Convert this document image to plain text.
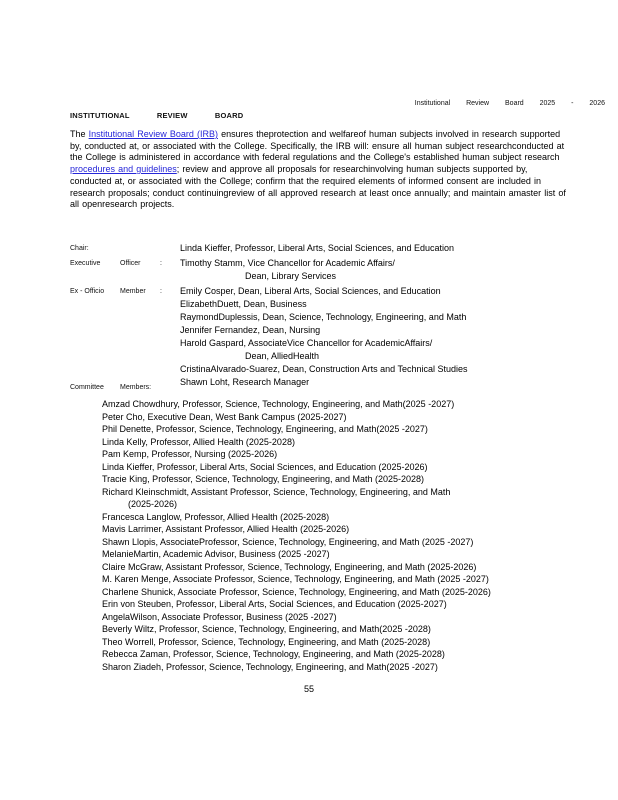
Institutional Review Board 2025 - 2026
INSTITUTIONAL REVIEW BOARD
The Institutional Review Board (IRB) ensures theprotection and welfareof human subjects involved in research supported by, conducted at, or associated with the College. Specifically, the IRB will: ensure all human subject researchconducted at the College is administered in accordance with federal regulations and the College's established human subject research procedures and guidelines; review and approve all proposals for researchinvolving human subjects supported by, conducted at, or associated with the College; confirm that the required elements of informed consent are included in research proposals; conduct continuingreview of all approved research at least once annually; and maintain amaster list of all openresearch projects.
Chair:	Linda Kieffer, Professor, Liberal Arts, Social Sciences, and Education
Executive	Officer	: Timothy Stamm, Vice Chancellor for Academic Affairs/
Dean, Library Services
Ex - Officio	Member	: Emily Cosper, Dean, Liberal Arts, Social Sciences, and Education
ElizabethDuett, Dean, Business
RaymondDuplessis, Dean, Science, Technology, Engineering, and Math
Jennifer Fernandez, Dean, Nursing
Harold Gaspard, AssociateVice Chancellor for AcademicAffairs/
Dean, AlliedHealth
CristinaAlvarado-Suarez, Dean, Construction Arts and Technical Studies
Shawn Loht, Research Manager
Committee	Members:
Amzad Chowdhury, Professor, Science, Technology, Engineering, and Math(2025 -2027)
Peter Cho, Executive Dean, West Bank Campus (2025-2027)
Phil Denette, Professor, Science, Technology, Engineering, and Math(2025 -2027)
Linda Kelly, Professor, Allied Health (2025-2028)
Pam Kemp, Professor, Nursing (2025-2026)
Linda Kieffer, Professor, Liberal Arts, Social Sciences, and Education (2025-2026)
Tracie King, Professor, Science, Technology, Engineering, and Math (2025-2028)
Richard Kleinschmidt, Assistant Professor, Science, Technology, Engineering, and Math
(2025-2026)
Francesca Langlow, Professor, Allied Health (2025-2028)
Mavis Larrimer, Assistant Professor, Allied Health (2025-2026)
Shawn Llopis, AssociateProfessor, Science, Technology, Engineering, and Math (2025 -2027)
MelanieMartin, Academic Advisor, Business (2025 -2027)
Claire McGraw, Assistant Professor, Science, Technology, Engineering, and Math (2025-2026)
M. Karen Menge, Associate Professor, Science, Technology, Engineering, and Math (2025 -2027)
Charlene Shunick, Associate Professor, Science, Technology, Engineering, and Math (2025-2026)
Erin von Steuben, Professor, Liberal Arts, Social Sciences, and Education (2025-2027)
AngelaWilson, Associate Professor, Business (2025 -2027)
Beverly Wiltz, Professor, Science, Technology, Engineering, and Math(2025 -2028)
Theo Worrell, Professor, Science, Technology, Engineering, and Math (2025-2028)
Rebecca Zaman, Professor, Science, Technology, Engineering, and Math (2025-2028)
Sharon Ziadeh, Professor, Science, Technology, Engineering, and Math(2025 -2027)
55
